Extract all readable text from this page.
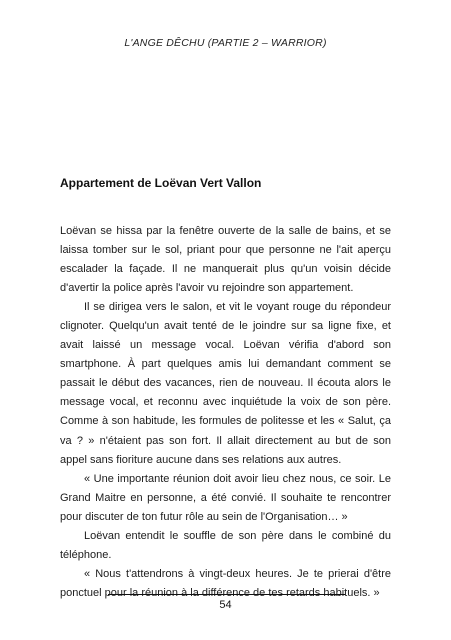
L'ANGE DÊCHU (PARTIE 2 – WARRIOR)
Appartement de Loëvan Vert Vallon

Loëvan se hissa par la fenêtre ouverte de la salle de bains, et se laissa tomber sur le sol, priant pour que personne ne l'ait aperçu escalader la façade. Il ne manquerait plus qu'un voisin décide d'avertir la police après l'avoir vu rejoindre son appartement.

Il se dirigea vers le salon, et vit le voyant rouge du répondeur clignoter. Quelqu'un avait tenté de le joindre sur sa ligne fixe, et avait laissé un message vocal. Loëvan vérifia d'abord son smartphone. À part quelques amis lui demandant comment se passait le début des vacances, rien de nouveau. Il écouta alors le message vocal, et reconnu avec inquiétude la voix de son père. Comme à son habitude, les formules de politesse et les « Salut, ça va ? » n'étaient pas son fort. Il allait directement au but de son appel sans fioriture aucune dans ses relations aux autres.

« Une importante réunion doit avoir lieu chez nous, ce soir. Le Grand Maitre en personne, a été convié. Il souhaite te rencontrer pour discuter de ton futur rôle au sein de l'Organisation… »

Loëvan entendit le souffle de son père dans le combiné du téléphone.

« Nous t'attendrons à vingt-deux heures. Je te prierai d'être ponctuel pour la réunion à la différence de tes retards habituels. »

54
